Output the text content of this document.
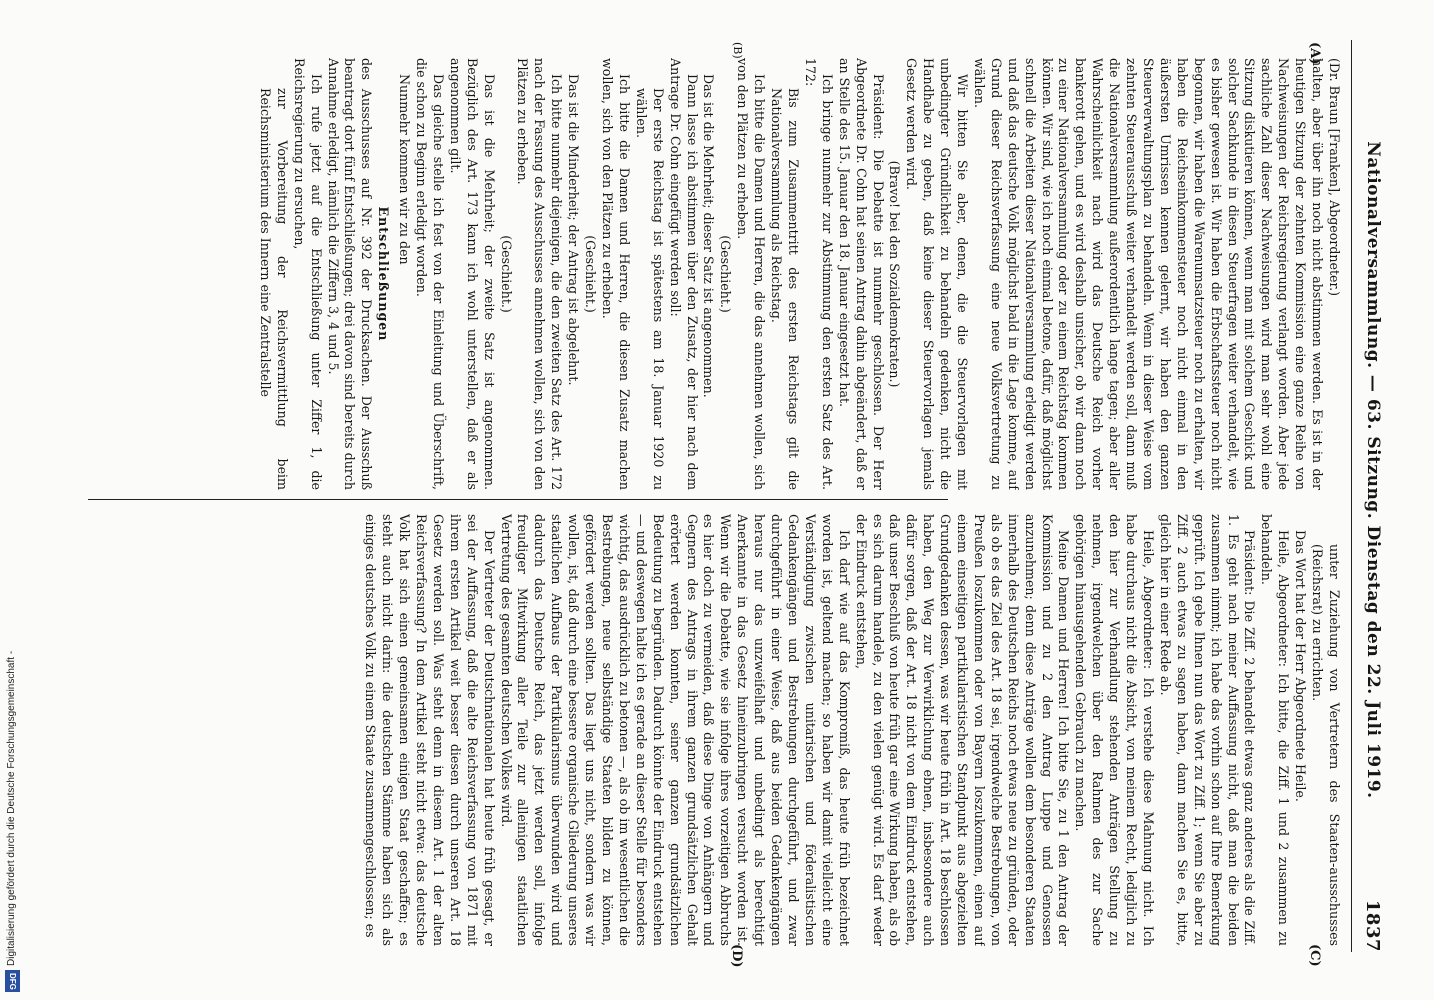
Nationalversammlung. — 63. Sitzung. Dienstag den 22. Juli 1919.
1837
(A)
(B)
(C)
(D)

(Dr. Braun [Franken], Abgeordneter.)

halten, aber über ihn noch nicht abstimmen werden. Es ist in der heutigen Sitzung der zehnten Kommission eine ganze Reihe von Nachweisungen der Reichsregierung verlangt worden. Aber jede sachliche Zahl dieser Nachweisungen wird man sehr wohl eine Sitzung diskutieren können, wenn man mit solchem Geschick und solcher Sachkunde in diesen Steuerfragen weiter verhandelt, wie es bisher gewesen ist. Wir haben die Erbschaftssteuer noch nicht begonnen, wir haben die Warenumsatzsteuer noch zu erhalten, wir haben die Reichseinkommensteuer noch nicht einmal in den äußersten Umrissen kennen gelernt, wir haben den ganzen Steuerverwaltungsplan zu behandeln. Wenn in dieser Weise vom zehnten Steuerausschuß weiter verhandelt werden soll, dann muß die Nationalversammlung außerordentlich lange tagen; aber aller Wahrscheinlichkeit nach wird das Deutsche Reich vorher bankerott gehen, und es wird deshalb unsicher, ob wir dann noch zu einer Nationalversammlung oder zu einem Reichstag kommen können. Wir sind, wie ich noch einmal betone, dafür, daß möglichst schnell die Arbeiten dieser Nationalversammlung erledigt werden und daß das deutsche Volk möglichst bald in die Lage komme, auf Grund dieser Reichsverfassung eine neue Volksvertretung zu wählen.

Wir bitten Sie aber, denen, die die Steuervorlagen mit unbedingter Gründlichkeit zu behandeln gedenken, nicht die Handhabe zu geben, daß keine dieser Steuervorlagen jemals Gesetz werden wird.

(Bravo! bei den Sozialdemokraten.)

Präsident: Die Debatte ist nunmehr geschlossen. Der Herr Abgeordnete Dr. Cohn hat seinen Antrag dahin abgeändert, daß er an Stelle des 15. Januar den 18. Januar eingesetzt hat.

Ich bringe nunmehr zur Abstimmung den ersten Satz des Art. 172:

Bis zum Zusammentritt des ersten Reichstags gilt die Nationalversammlung als Reichstag.

Ich bitte die Damen und Herren, die das annehmen wollen, sich von den Plätzen zu erheben.

(Geschieht.)

Das ist die Mehrheit; dieser Satz ist angenommen.

Dann lasse ich abstimmen über den Zusatz, der hier nach dem Antrage Dr. Cohn eingefügt werden soll:

Der erste Reichstag ist spätestens am 18. Januar 1920 zu wählen.

Ich bitte die Damen und Herren, die diesen Zusatz machen wollen, sich von den Plätzen zu erheben.

(Geschieht.)

Das ist die Minderheit; der Antrag ist abgelehnt.

Ich bitte nunmehr diejenigen, die den zweiten Satz des Art. 172 nach der Fassung des Ausschusses annehmen wollen, sich von den Plätzen zu erheben.

(Geschieht.)

Das ist die Mehrheit; der zweite Satz ist angenommen. Bezüglich des Art. 173 kann ich wohl unterstellen, daß er als angenommen gilt.

Das gleiche stelle ich fest von der Einleitung und Überschrift, die schon zu Beginn erledigt worden.

Nunmehr kommen wir zu den

Entschließungen

des Ausschusses auf Nr. 392 der Drucksachen. Der Ausschuß beantragt dort fünf Entschließungen; drei davon sind bereits durch Annahme erledigt, nämlich die Ziffern 3, 4 und 5.

Ich rufe jetzt auf die Entschließung unter Ziffer 1, die Reichsregierung zu ersuchen,

zur Vorbereitung der Reichsvermittlung beim Reichsministerium des Innern eine Zentralstelle

unter Zuziehung von Vertretern des Staaten-ausschusses (Reichsrat) zu errichten.

Das Wort hat der Herr Abgeordnete Heile.

Heile, Abgeordneter: Ich bitte, die Ziff. 1 und 2 zusammen zu behandeln.

Präsident: Die Ziff. 2 behandelt etwas ganz anderes als die Ziff. 1. Es geht nach meiner Auffassung nicht, daß man die beiden zusammen nimmt; ich habe das vorhin schon auf Ihre Bemerkung geprüft. Ich gebe Ihnen nun das Wort zu Ziff. 1; wenn Sie aber zu Ziff. 2 auch etwas zu sagen haben, dann machen Sie es, bitte, gleich hier in einer Rede ab.

Heile, Abgeordneter: Ich verstehe diese Mahnung nicht. Ich habe durchaus nicht die Absicht, von meinem Recht, lediglich zu den hier zur Verhandlung stehenden Anträgen Stellung zu nehmen, irgendwelchen über den Rahmen des zur Sache gehörigen hinausgehenden Gebrauch zu machen.

Meine Damen und Herren! Ich bitte Sie, zu 1 den Antrag der Kommission und zu 2 den Antrag Luppe und Genossen anzunehmen; denn diese Anträge wollen dem besonderen Staaten innerhalb des Deutschen Reichs noch etwas neue zu gründen, oder als ob es das Ziel des Art. 18 sei, irgendwelche Bestrebungen, von Preußen loszukommen oder von Bayern loszukommen, einen auf einem einseitigen partikularistischen Standpunkt aus abgezielten Grundgedanken dessen, was wir heute früh in Art. 18 beschlossen haben, den Weg zur Verwirklichung ebnen, insbesondere auch dafür sorgen, daß der Art. 18 nicht von dem Eindruck entstehen, daß unser Beschluß von heute früh gar eine Wirkung haben, als ob es sich darum handele, zu den vielen genügt wird. Es darf weder der Eindruck entstehen,

Ich darf wie auf das Kompromiß, das heute früh bezeichnet worden ist, geltend machen; so haben wir damit vielleicht eine Verständigung zwischen unitarischen und föderalistischen Gedankengängen und Bestrebungen durchgeführt, und zwar durchgeführt in einer Weise, daß aus beiden Gedankengängen heraus nur das unzweifelhaft und unbedingt als berechtigt Anerkannte in das Gesetz hineinzubringen versucht worden ist. Wenn wir die Debatte, wie sie infolge ihres vorzeitigen Abbruchs es hier doch zu vermeiden, daß diese Dinge von Anhängern und Gegnern des Antrags in ihrem ganzen grundsätzlichen Gehalt erörtert werden konnten, seiner ganzen grundsätzlichen Bedeutung zu begründen. Dadurch könnte der Eindruck entstehen — und deswegen halte ich es gerade an dieser Stelle für besonders wichtig, das ausdrücklich zu betonen —, als ob im wesentlichen die Bestrebungen, neue selbständige Staaten bilden zu können, gefördert werden sollten. Das liegt uns nicht, sondern was wir wollen, ist, daß durch eine bessere organische Gliederung unseres staatlichen Aufbaus der Partikularismus überwunden wird und dadurch das Deutsche Reich, das jetzt werden soll, infolge freudiger Mitwirkung aller Teile zur alleinigen staatlichen Vertretung des gesamten deutschen Volkes wird.

Der Vertreter der Deutschnationalen hat heute früh gesagt, er sei der Auffassung, daß die alte Reichsverfassung von 1871 mit ihrem ersten Artikel weit besser diesen durch unseren Art. 18 Gesetz werden soll. Was steht denn in diesem Art. 1 der alten Reichsverfassung? In dem Artikel steht nicht etwa: das deutsche Volk hat sich einen gemeinsamen einigen Staat geschaffen; es steht auch nicht darin: die deutschen Stämme haben sich als einiges deutsches Volk zu einem Staate zusammengeschlossen; es

Digitalisierung gefördert durch die Deutsche Forschungsgemeinschaft -
DFG
